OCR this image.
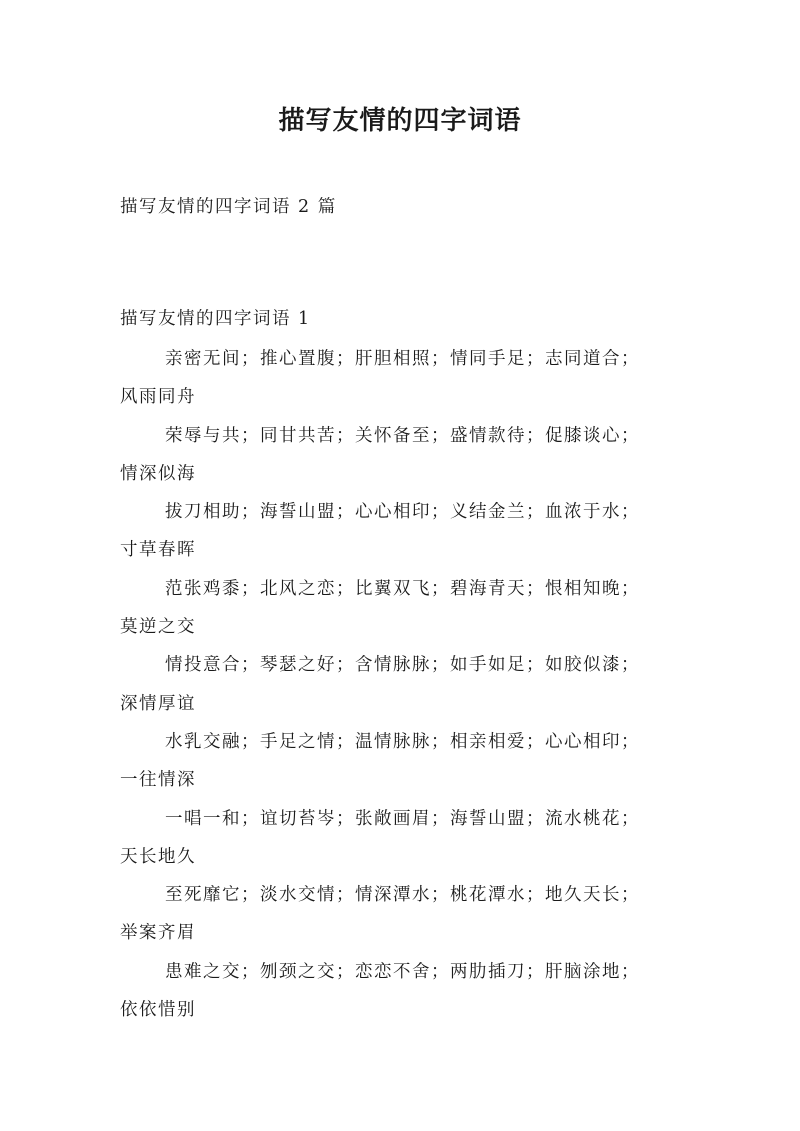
描写友情的四字词语
描写友情的四字词语 2 篇
描写友情的四字词语 1

亲密无间；推心置腹；肝胆相照；情同手足；志同道合；
风雨同舟

荣辱与共；同甘共苦；关怀备至；盛情款待；促膝谈心；
情深似海

拔刀相助；海誓山盟；心心相印；义结金兰；血浓于水；
寸草春晖

范张鸡黍；北风之恋；比翼双飞；碧海青天；恨相知晚；
莫逆之交

情投意合；琴瑟之好；含情脉脉；如手如足；如胶似漆；
深情厚谊

水乳交融；手足之情；温情脉脉；相亲相爱；心心相印；
一往情深

一唱一和；谊切苔岑；张敞画眉；海誓山盟；流水桃花；
天长地久

至死靡它；淡水交情；情深潭水；桃花潭水；地久天长；
举案齐眉

患难之交；刎颈之交；恋恋不舍；两肋插刀；肝脑涂地；
依依惜别
